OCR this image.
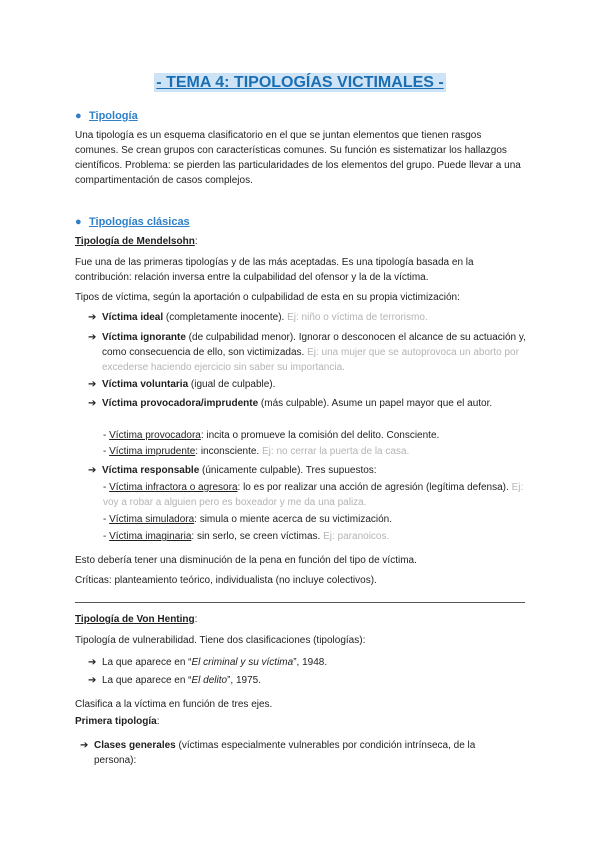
- TEMA 4: TIPOLOGÍAS VICTIMALES -
● Tipología
Una tipología es un esquema clasificatorio en el que se juntan elementos que tienen rasgos comunes. Se crean grupos con características comunes. Su función es sistematizar los hallazgos científicos. Problema: se pierden las particularidades de los elementos del grupo. Puede llevar a una compartimentación de casos complejos.
● Tipologías clásicas
Tipología de Mendelsohn:
Fue una de las primeras tipologías y de las más aceptadas. Es una tipología basada en la contribución: relación inversa entre la culpabilidad del ofensor y la de la víctima.
Tipos de víctima, según la aportación o culpabilidad de esta en su propia victimización:
➔ Víctima ideal (completamente inocente). Ej: niño o víctima de terrorismo.
➔ Víctima ignorante (de culpabilidad menor). Ignorar o desconocen el alcance de su actuación y, como consecuencia de ello, son victimizadas. Ej: una mujer que se autoprovoca un aborto por excederse haciendo ejercicio sin saber su importancia.
➔ Víctima voluntaria (igual de culpable).
➔ Víctima provocadora/imprudente (más culpable). Asume un papel mayor que el autor.
- Víctima provocadora: incita o promueve la comisión del delito. Consciente.
- Víctima imprudente: inconsciente. Ej: no cerrar la puerta de la casa.
➔ Víctima responsable (únicamente culpable). Tres supuestos:
- Víctima infractora o agresora: lo es por realizar una acción de agresión (legítima defensa). Ej: voy a robar a alguien pero es boxeador y me da una paliza.
- Víctima simuladora: simula o miente acerca de su victimización.
- Víctima imaginaria: sin serlo, se creen víctimas. Ej: paranoicos.
Esto debería tener una disminución de la pena en función del tipo de víctima.
Críticas: planteamiento teórico, individualista (no incluye colectivos).
Tipología de Von Henting:
Tipología de vulnerabilidad. Tiene dos clasificaciones (tipologías):
➔ La que aparece en “El criminal y su víctima”, 1948.
➔ La que aparece en “El delito”, 1975.
Clasifica a la víctima en función de tres ejes.
Primera tipología:
➔ Clases generales (víctimas especialmente vulnerables por condición intrínseca, de la persona):
